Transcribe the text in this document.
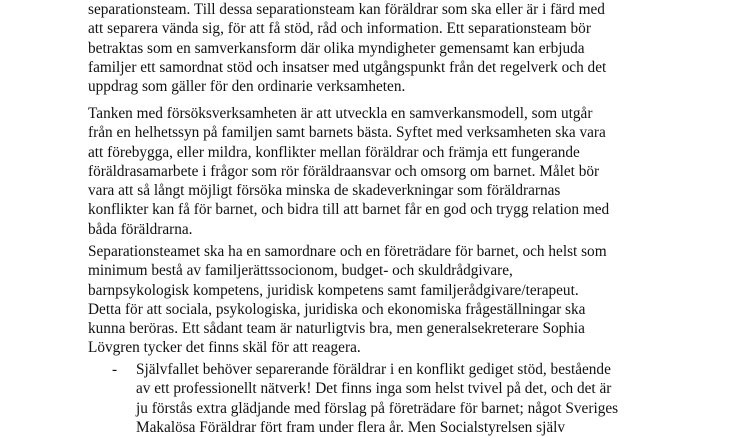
separationsteam. Till dessa separationsteam kan föräldrar som ska eller är i färd med
att separera vända sig, för att få stöd, råd och information. Ett separationsteam bör
betraktas som en samverkansform där olika myndigheter gemensamt kan erbjuda
familjer ett samordnat stöd och insatser med utgångspunkt från det regelverk och det
uppdrag som gäller för den ordinarie verksamheten.

Tanken med försöksverksamheten är att utveckla en samverkansmodell, som utgår
från en helhetssyn på familjen samt barnets bästa. Syftet med verksamheten ska vara
att förebygga, eller mildra, konflikter mellan föräldrar och främja ett fungerande
föräldrasamarbete i frågor som rör föräldraansvar och omsorg om barnet. Målet bör
vara att så långt möjligt försöka minska de skadeverkningar som föräldrarnas
konflikter kan få för barnet, och bidra till att barnet får en god och trygg relation med
båda föräldrarna.

Separationsteamet ska ha en samordnare och en företrädare för barnet, och helst som
minimum bestå av familjerättssocionom, budget- och skuldrådgivare,
barnpsykologisk kompetens, juridisk kompetens samt familjerådgivare/terapeut.
Detta för att sociala, psykologiska, juridiska och ekonomiska frågeställningar ska
kunna beröras. Ett sådant team är naturligtvis bra, men generalsekreterare Sophia
Lövgren tycker det finns skäl för att reagera.

- Självfallet behöver separerande föräldrar i en konflikt gediget stöd, bestående
av ett professionellt nätverk! Det finns inga som helst tvivel på det, och det är
ju förstås extra glädjande med förslag på företrädare för barnet; något Sveriges
Makalösa Föräldrar fört fram under flera år. Men Socialstyrelsen själv
